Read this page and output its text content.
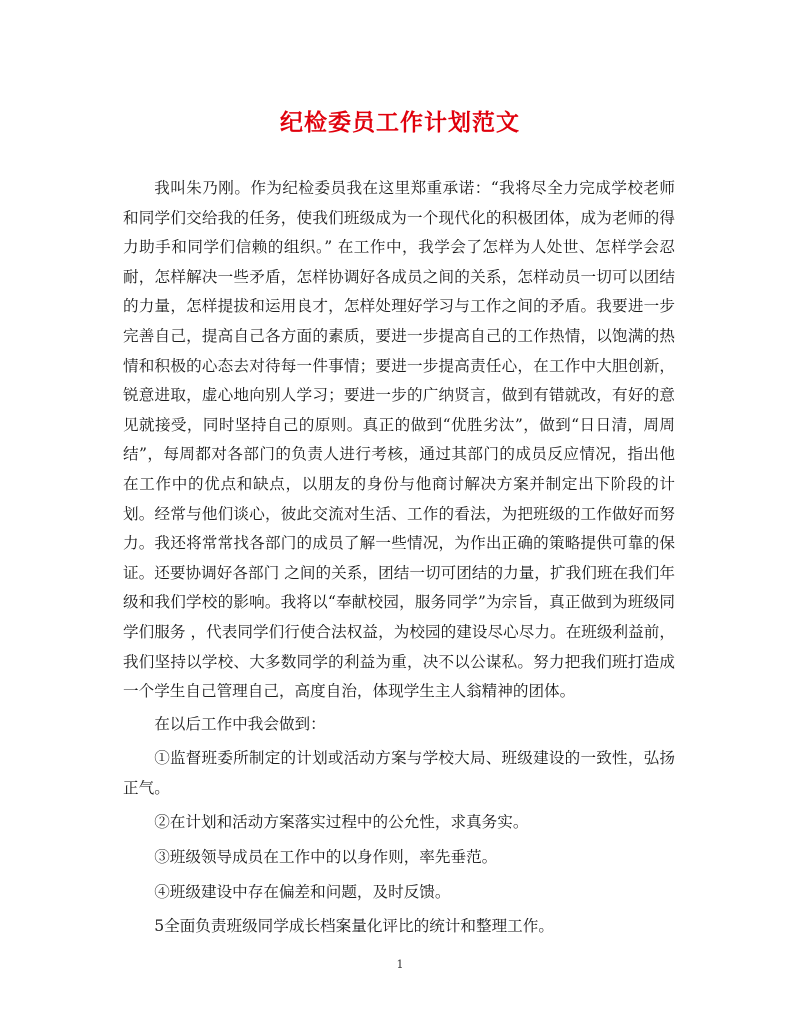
纪检委员工作计划范文

我叫朱乃刚。作为纪检委员我在这里郑重承诺：“我将尽全力完成学校老师和同学们交给我的任务，使我们班级成为一个现代化的积极团体，成为老师的得力助手和同学们信赖的组织。” 在工作中，我学会了怎样为人处世、怎样学会忍耐，怎样解决一些矛盾，怎样协调好各成员之间的关系，怎样动员一切可以团结的力量，怎样提拔和运用良才，怎样处理好学习与工作之间的矛盾。我要进一步完善自己，提高自己各方面的素质，要进一步提高自己的工作热情，以饱满的热情和积极的心态去对待每一件事情；要进一步提高责任心，在工作中大胆创新，锐意进取，虚心地向别人学习；要进一步的广纳贤言，做到有错就改，有好的意见就接受，同时坚持自己的原则。真正的做到“优胜劣汰”，做到“日日清，周周结”，每周都对各部门的负责人进行考核，通过其部门的成员反应情况，指出他在工作中的优点和缺点，以朋友的身份与他商讨解决方案并制定出下阶段的计划。经常与他们谈心，彼此交流对生活、工作的看法，为把班级的工作做好而努力。我还将常常找各部门的成员了解一些情况，为作出正确的策略提供可靠的保证。还要协调好各部门 之间的关系，团结一切可团结的力量，扩我们班在我们年级和我们学校的影响。我将以“奉献校园，服务同学”为宗旨，真正做到为班级同学们服务 ，代表同学们行使合法权益，为校园的建设尽心尽力。在班级利益前，我们坚持以学校、大多数同学的利益为重，决不以公谋私。努力把我们班打造成一个学生自己管理自己，高度自治，体现学生主人翁精神的团体。

在以后工作中我会做到：

①监督班委所制定的计划或活动方案与学校大局、班级建设的一致性，弘扬正气。

②在计划和活动方案落实过程中的公允性，求真务实。

③班级领导成员在工作中的以身作则，率先垂范。

④班级建设中存在偏差和问题，及时反馈。

5全面负责班级同学成长档案量化评比的统计和整理工作。

1
